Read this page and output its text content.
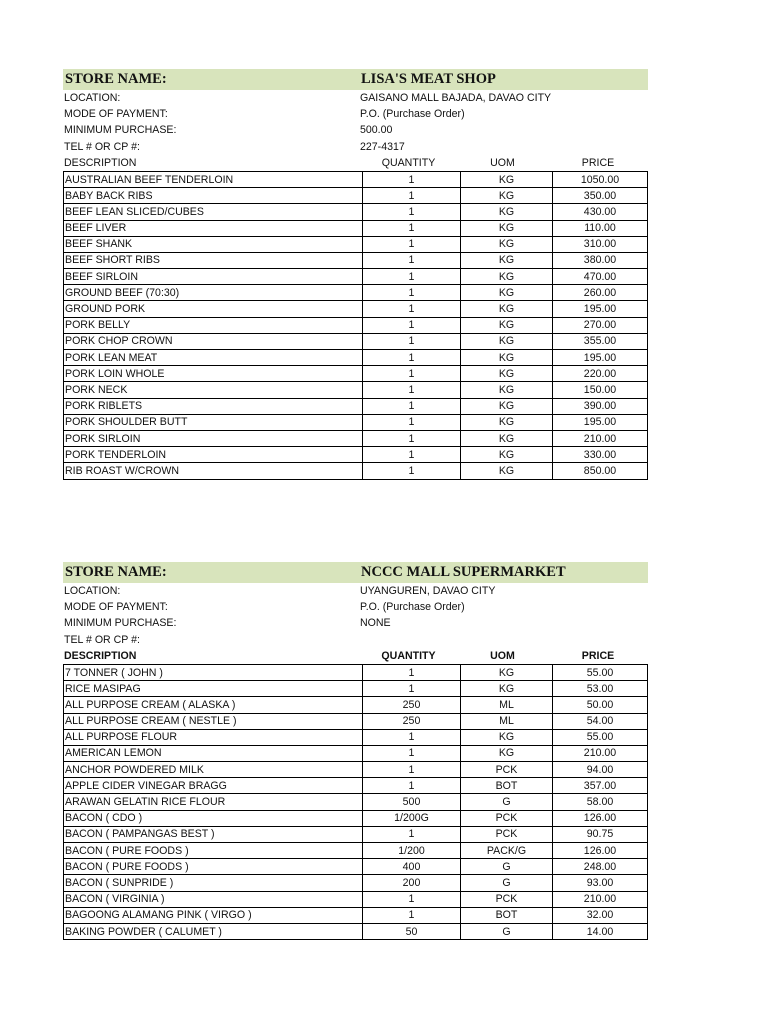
STORE NAME:	LISA'S MEAT SHOP
LOCATION:	GAISANO MALL BAJADA, DAVAO CITY
MODE OF PAYMENT:	P.O. (Purchase Order)
MINIMUM PURCHASE:	500.00
TEL # OR CP #:	227-4317
DESCRIPTION	QUANTITY	UOM	PRICE
AUSTRALIAN BEEF TENDERLOIN	1	KG	1050.00
BABY BACK RIBS	1	KG	350.00
BEEF LEAN SLICED/CUBES	1	KG	430.00
BEEF LIVER	1	KG	110.00
BEEF SHANK	1	KG	310.00
BEEF SHORT RIBS	1	KG	380.00
BEEF SIRLOIN	1	KG	470.00
GROUND BEEF (70:30)	1	KG	260.00
GROUND PORK	1	KG	195.00
PORK BELLY	1	KG	270.00
PORK CHOP CROWN	1	KG	355.00
PORK LEAN MEAT	1	KG	195.00
PORK LOIN WHOLE	1	KG	220.00
PORK NECK	1	KG	150.00
PORK RIBLETS	1	KG	390.00
PORK SHOULDER BUTT	1	KG	195.00
PORK SIRLOIN	1	KG	210.00
PORK TENDERLOIN	1	KG	330.00
RIB ROAST W/CROWN	1	KG	850.00
STORE NAME:	NCCC MALL SUPERMARKET
LOCATION:	UYANGUREN, DAVAO CITY
MODE OF PAYMENT:	P.O. (Purchase Order)
MINIMUM PURCHASE:	NONE
TEL # OR CP #:
DESCRIPTION	QUANTITY	UOM	PRICE
7 TONNER ( JOHN )	1	KG	55.00
RICE MASIPAG	1	KG	53.00
ALL PURPOSE CREAM ( ALASKA )	250	ML	50.00
ALL PURPOSE CREAM ( NESTLE )	250	ML	54.00
ALL PURPOSE FLOUR	1	KG	55.00
AMERICAN LEMON	1	KG	210.00
ANCHOR POWDERED MILK	1	PCK	94.00
APPLE CIDER VINEGAR BRAGG	1	BOT	357.00
ARAWAN GELATIN RICE FLOUR	500	G	58.00
BACON ( CDO )	1/200G	PCK	126.00
BACON ( PAMPANGAS BEST )	1	PCK	90.75
BACON ( PURE FOODS )	1/200	PACK/G	126.00
BACON ( PURE FOODS )	400	G	248.00
BACON ( SUNPRIDE )	200	G	93.00
BACON ( VIRGINIA )	1	PCK	210.00
BAGOONG ALAMANG PINK ( VIRGO )	1	BOT	32.00
BAKING POWDER ( CALUMET )	50	G	14.00
